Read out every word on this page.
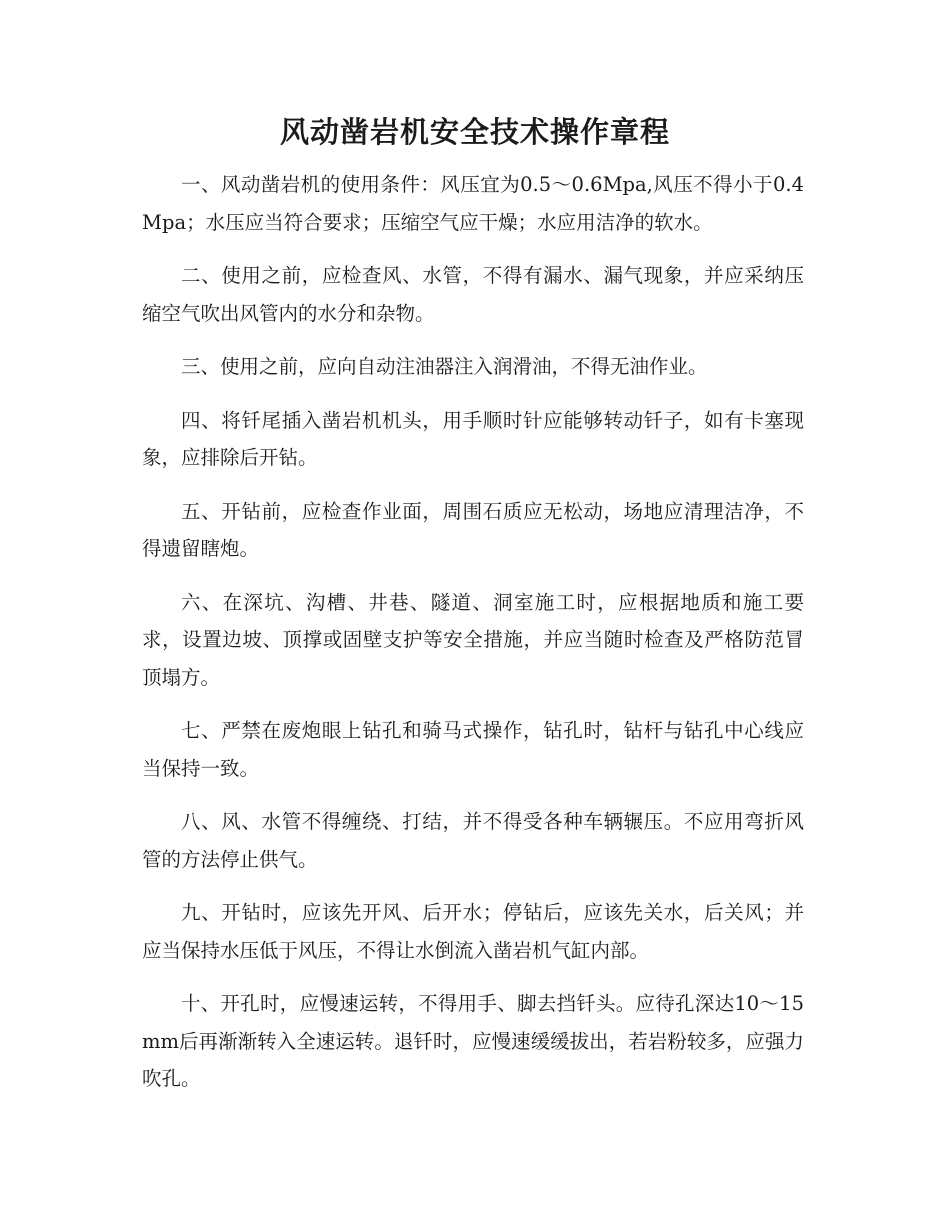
风动凿岩机安全技术操作章程

一、风动凿岩机的使用条件：风压宜为0.5～0.6Mpa,风压不得小于0.4Mpa；水压应当符合要求；压缩空气应干燥；水应用洁净的软水。

二、使用之前，应检查风、水管，不得有漏水、漏气现象，并应采纳压缩空气吹出风管内的水分和杂物。

三、使用之前，应向自动注油器注入润滑油，不得无油作业。

四、将钎尾插入凿岩机机头，用手顺时针应能够转动钎子，如有卡塞现象，应排除后开钻。

五、开钻前，应检查作业面，周围石质应无松动，场地应清理洁净，不得遗留瞎炮。

六、在深坑、沟槽、井巷、隧道、洞室施工时，应根据地质和施工要求，设置边坡、顶撑或固壁支护等安全措施，并应当随时检查及严格防范冒顶塌方。

七、严禁在废炮眼上钻孔和骑马式操作，钻孔时，钻杆与钻孔中心线应当保持一致。

八、风、水管不得缠绕、打结，并不得受各种车辆辗压。不应用弯折风管的方法停止供气。

九、开钻时，应该先开风、后开水；停钻后，应该先关水，后关风；并应当保持水压低于风压，不得让水倒流入凿岩机气缸内部。

十、开孔时，应慢速运转，不得用手、脚去挡钎头。应待孔深达10～15mm后再渐渐转入全速运转。退钎时，应慢速缓缓拔出，若岩粉较多，应强力吹孔。
